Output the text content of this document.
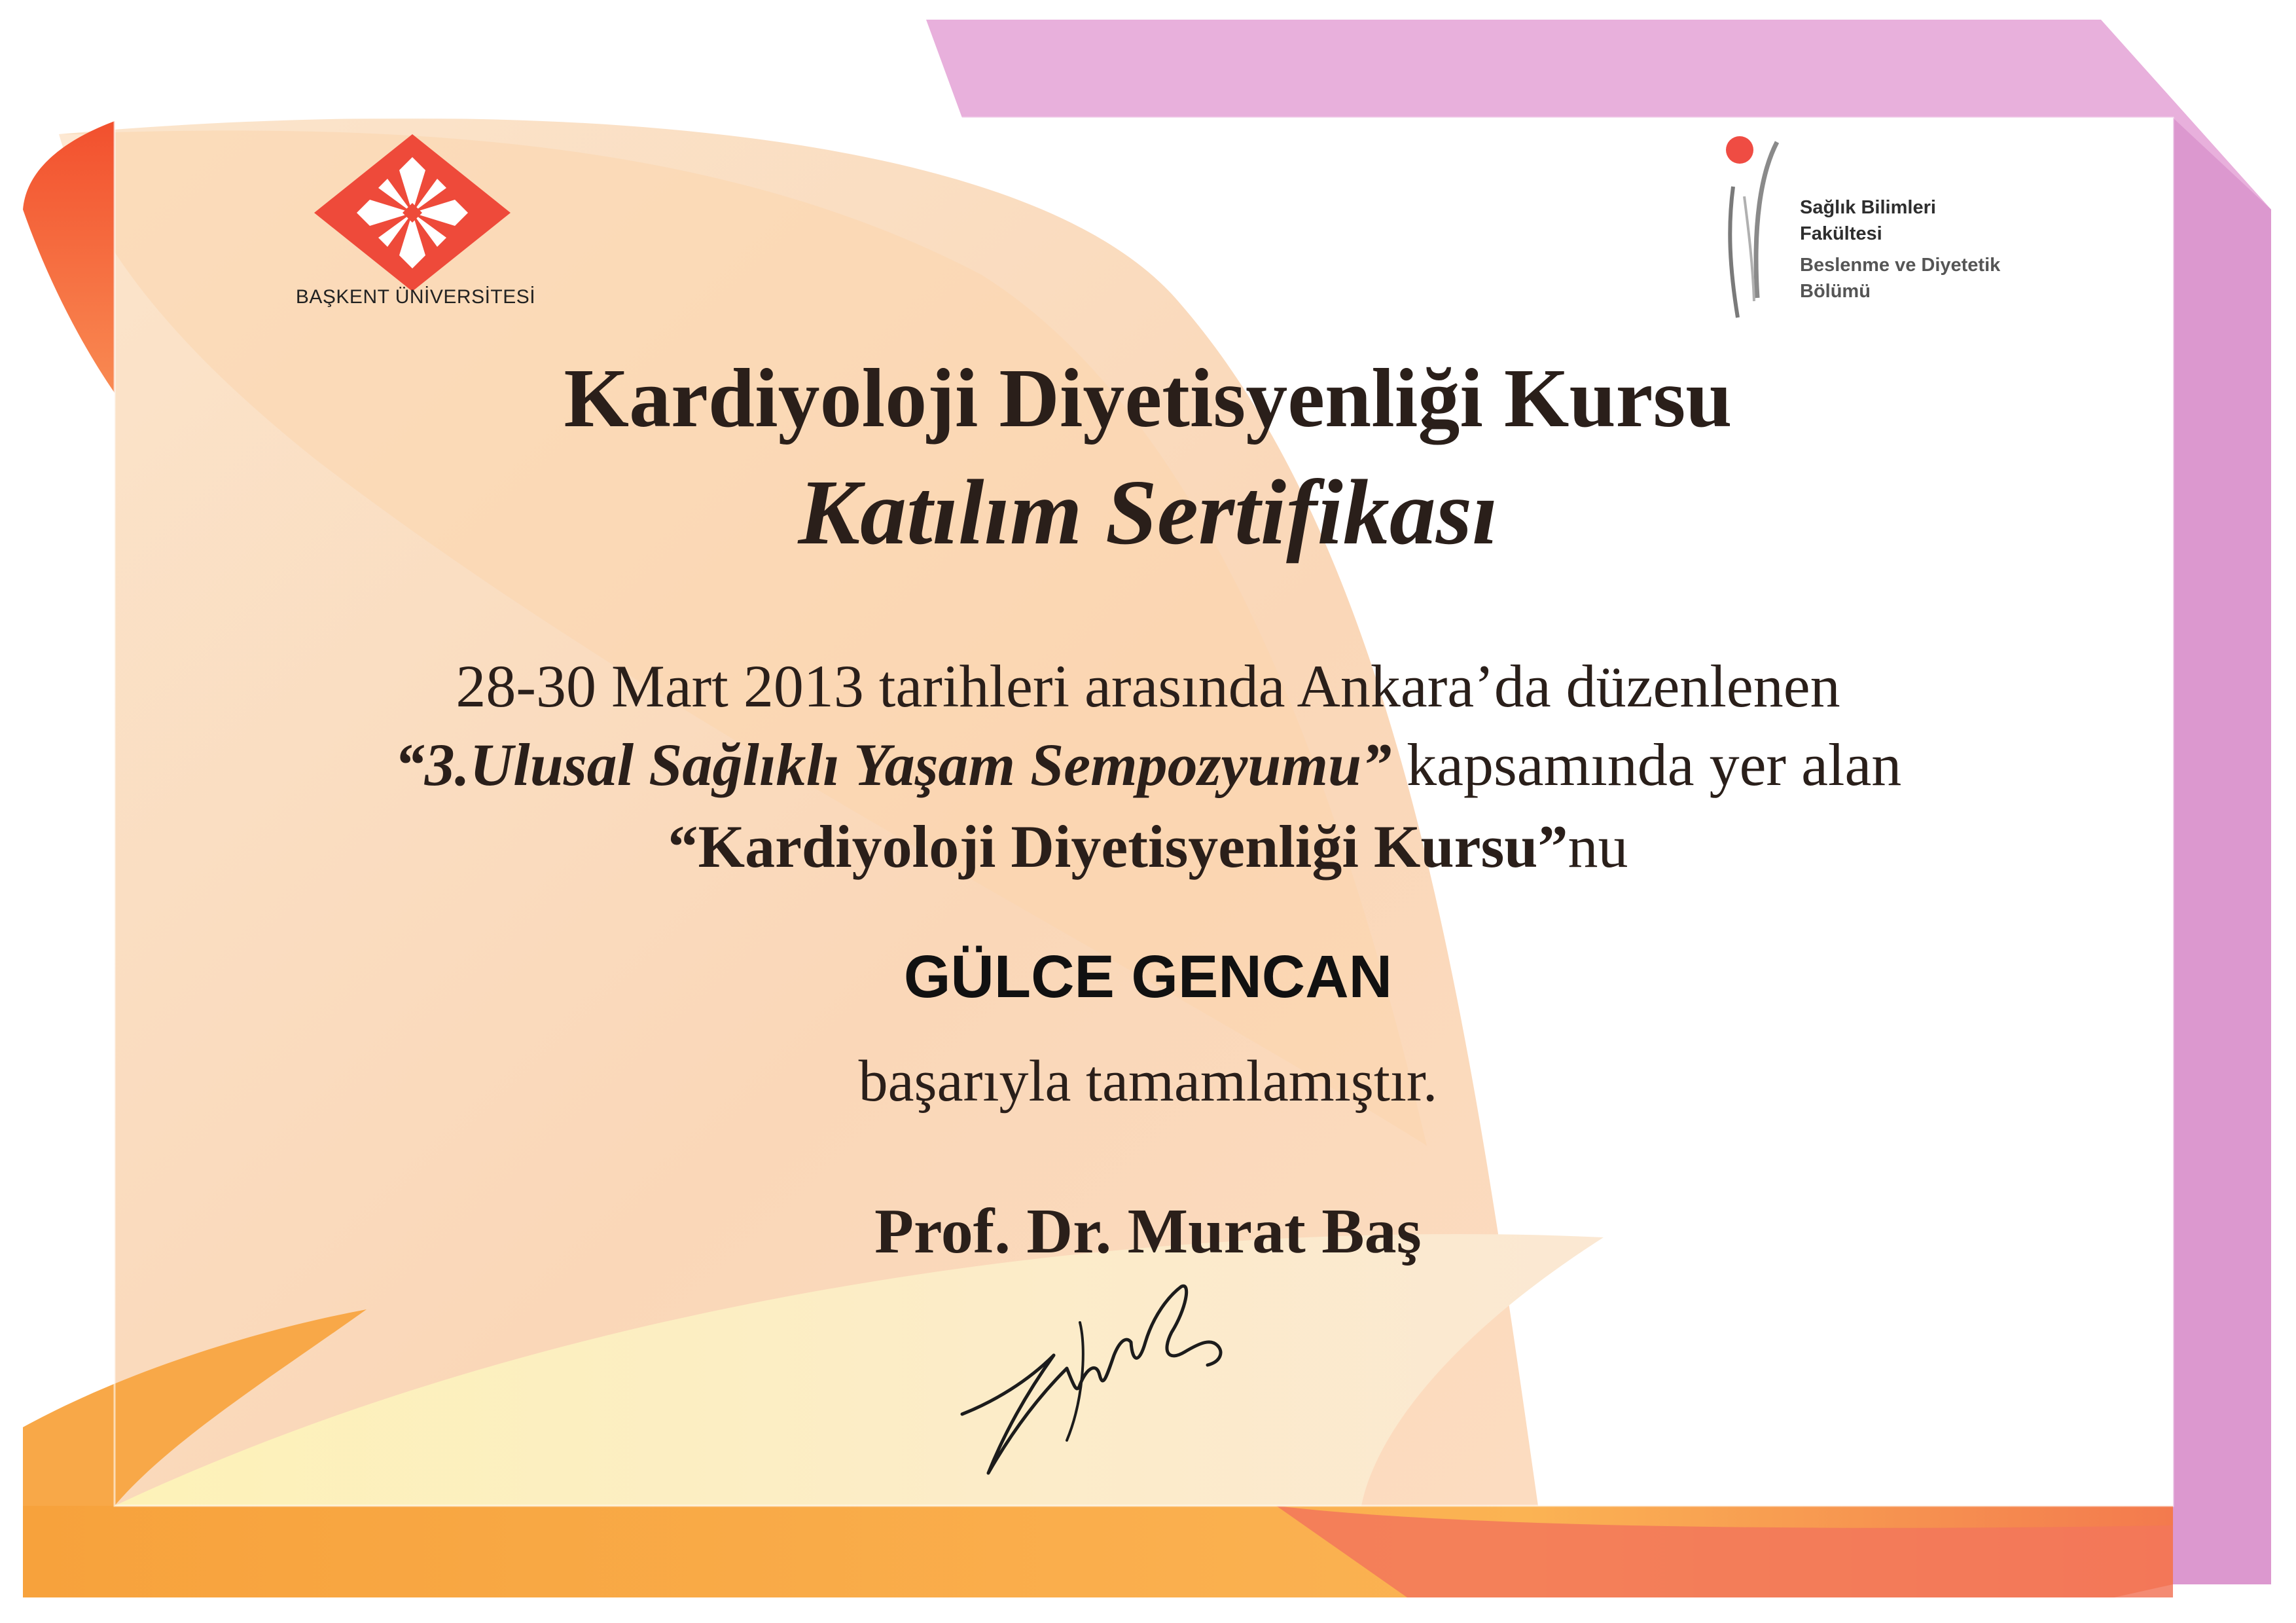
BAŞKENT ÜNİVERSİTESİ
Sağlık Bilimleri
Fakültesi
Beslenme ve Diyetetik
Bölümü
Kardiyoloji Diyetisyenliği Kursu
Katılım Sertifikası
28-30 Mart 2013 tarihleri arasında Ankara’da düzenlenen
“3.Ulusal Sağlıklı Yaşam Sempozyumu” kapsamında yer alan
“Kardiyoloji Diyetisyenliği Kursu”nu
GÜLCE GENCAN
başarıyla tamamlamıştır.
Prof. Dr. Murat Baş
